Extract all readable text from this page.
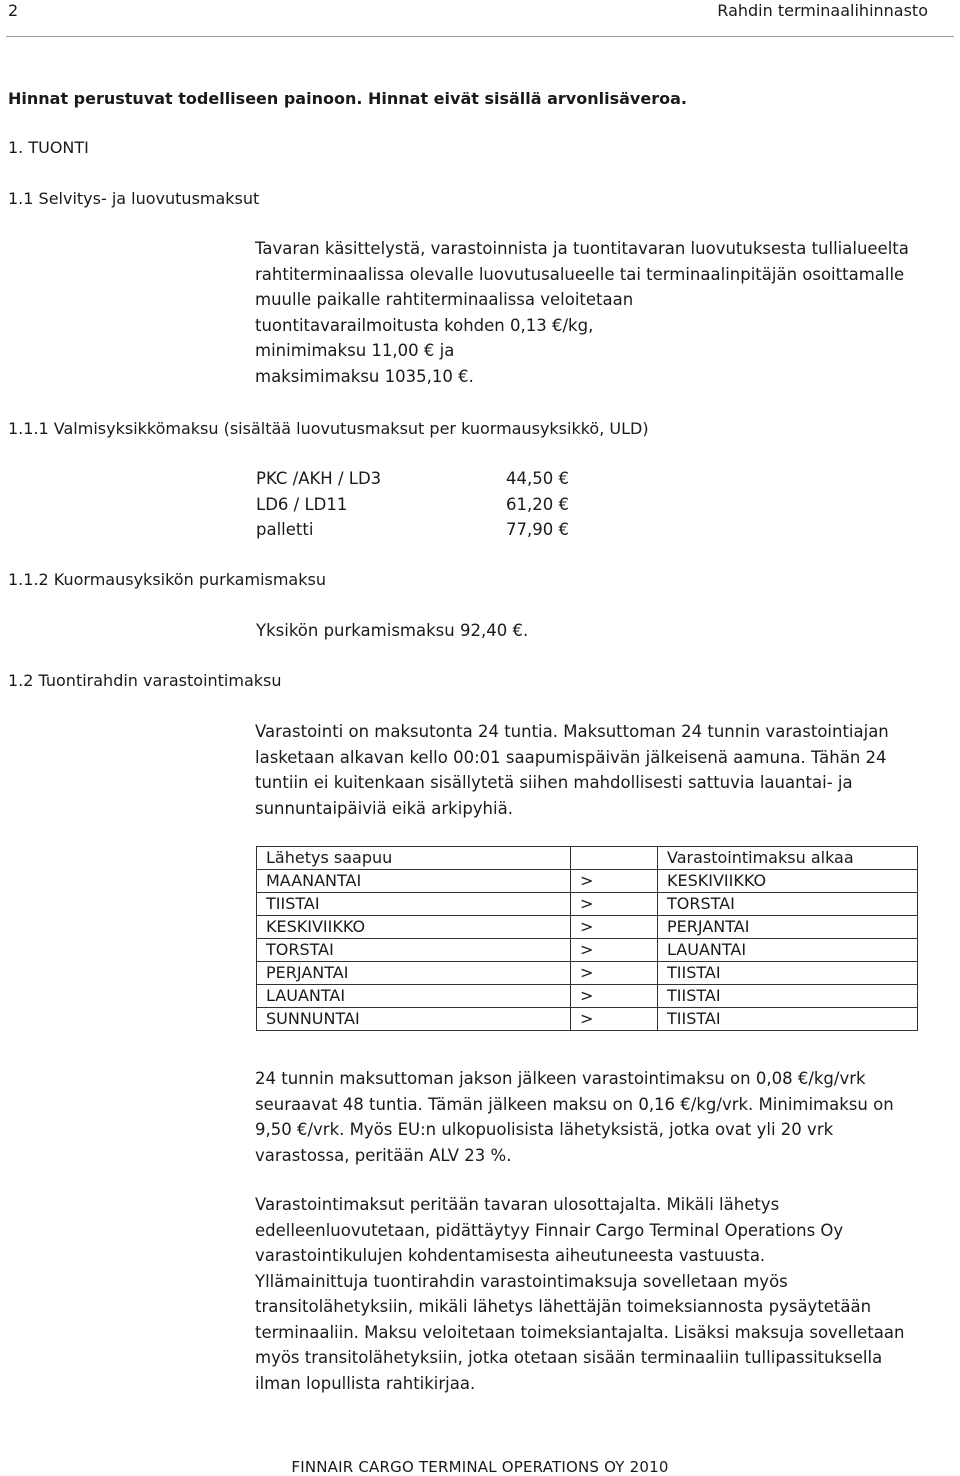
2	Rahdin terminaalihinnasto
Hinnat perustuvat todelliseen painoon. Hinnat eivät sisällä arvonlisäveroa.
1. TUONTI
1.1 Selvitys- ja luovutusmaksut
Tavaran käsittelystä, varastoinnista ja tuontitavaran luovutuksesta tullialueelta
rahtiterminaalissa olevalle luovutusalueelle tai terminaalinpitäjän osoittamalle
muulle paikalle rahtiterminaalissa veloitetaan
tuontitavarailmoitusta kohden 0,13 €/kg,
minimimaksu 11,00 € ja
maksimimaksu 1035,10 €.
1.1.1 Valmisyksikkömaksu (sisältää luovutusmaksut per kuormausyksikkö, ULD)
PKC /AKH / LD3	44,50 €
LD6 / LD11	61,20 €
palletti	77,90 €
1.1.2 Kuormausyksikön purkamismaksu
Yksikön purkamismaksu 92,40 €.
1.2 Tuontirahdin varastointimaksu
Varastointi on maksutonta 24 tuntia. Maksuttoman 24 tunnin varastointiajan
lasketaan alkavan kello 00:01 saapumispäivän jälkeisenä aamuna. Tähän 24
tuntiin ei kuitenkaan sisällytetä siihen mahdollisesti sattuvia lauantai- ja
sunnuntaipäiviä eikä arkipyhiä.
Lähetys saapuu		Varastointimaksu alkaa
MAANANTAI	>	KESKIVIIKKO
TIISTAI	>	TORSTAI
KESKIVIIKKO	>	PERJANTAI
TORSTAI	>	LAUANTAI
PERJANTAI	>	TIISTAI
LAUANTAI	>	TIISTAI
SUNNUNTAI	>	TIISTAI
24 tunnin maksuttoman jakson jälkeen varastointimaksu on 0,08 €/kg/vrk
seuraavat 48 tuntia. Tämän jälkeen maksu on 0,16 €/kg/vrk. Minimimaksu on
9,50 €/vrk. Myös EU:n ulkopuolisista lähetyksistä, jotka ovat yli 20 vrk
varastossa, peritään ALV 23 %.
Varastointimaksut peritään tavaran ulosottajalta. Mikäli lähetys
edelleenluovutetaan, pidättäytyy Finnair Cargo Terminal Operations Oy
varastointikulujen kohdentamisesta aiheutuneesta vastuusta.
Yllämainittuja tuontirahdin varastointimaksuja sovelletaan myös
transitolähetyksiin, mikäli lähetys lähettäjän toimeksiannosta pysäytetään
terminaaliin. Maksu veloitetaan toimeksiantajalta. Lisäksi maksuja sovelletaan
myös transitolähetyksiin, jotka otetaan sisään terminaaliin tullipassituksella
ilman lopullista rahtikirjaa.
FINNAIR CARGO TERMINAL OPERATIONS OY 2010
